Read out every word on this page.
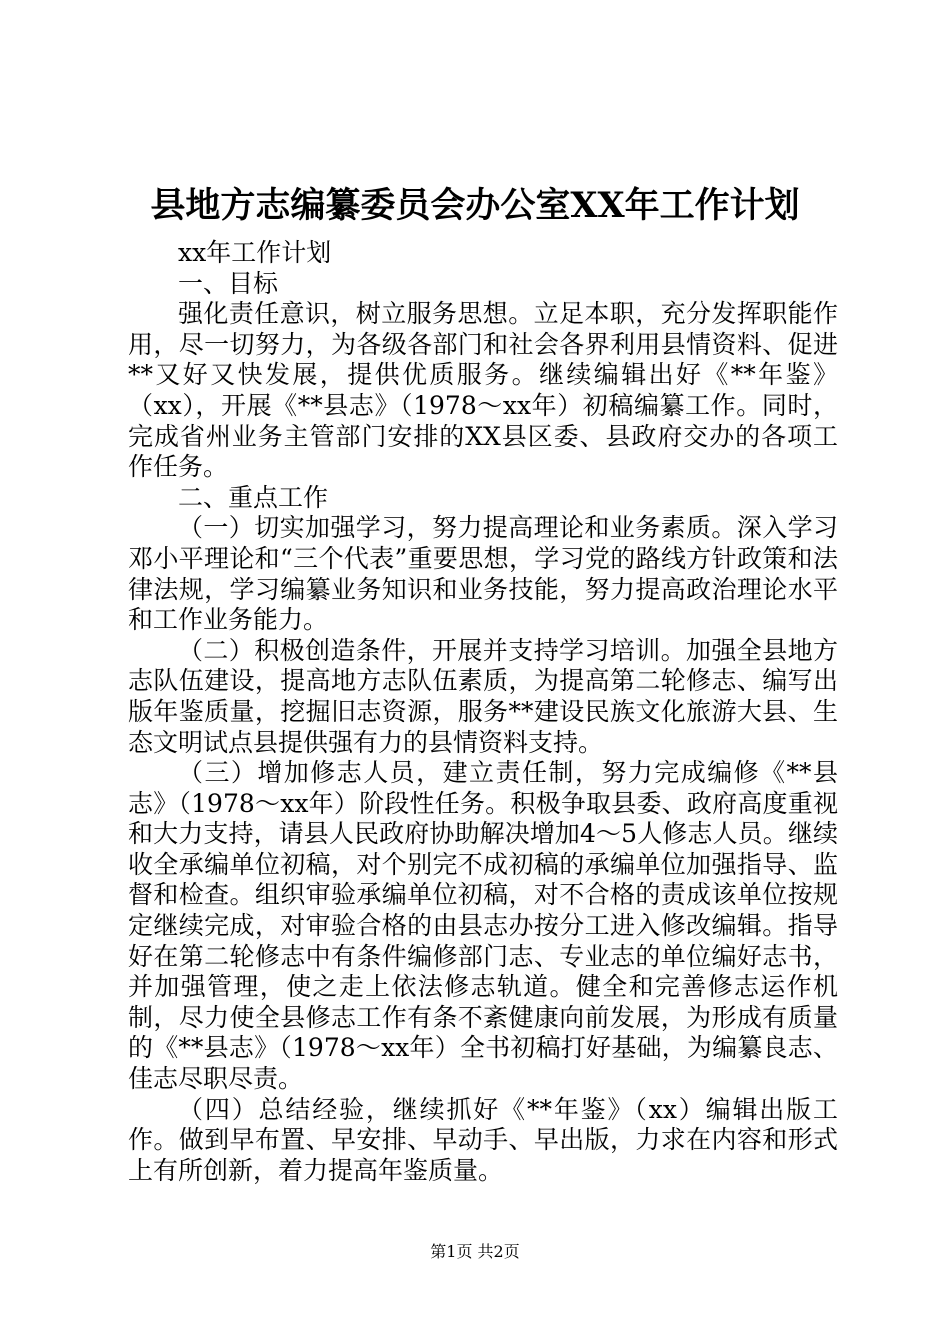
县地方志编纂委员会办公室XX年工作计划

xx年工作计划

一、目标

强化责任意识，树立服务思想。立足本职，充分发挥职能作用，尽一切努力，为各级各部门和社会各界利用县情资料、促进**又好又快发展，提供优质服务。继续编辑出好《**年鉴》（xx），开展《**县志》（1978～xx年）初稿编纂工作。同时，完成省州业务主管部门安排的XX县区委、县政府交办的各项工作任务。

二、重点工作

（一）切实加强学习，努力提高理论和业务素质。深入学习邓小平理论和“三个代表”重要思想，学习党的路线方针政策和法律法规，学习编纂业务知识和业务技能，努力提高政治理论水平和工作业务能力。

（二）积极创造条件，开展并支持学习培训。加强全县地方志队伍建设，提高地方志队伍素质，为提高第二轮修志、编写出版年鉴质量，挖掘旧志资源，服务**建设民族文化旅游大县、生态文明试点县提供强有力的县情资料支持。

（三）增加修志人员，建立责任制，努力完成编修《**县志》（1978～xx年）阶段性任务。积极争取县委、政府高度重视和大力支持，请县人民政府协助解决增加4～5人修志人员。继续收全承编单位初稿，对个别完不成初稿的承编单位加强指导、监督和检查。组织审验承编单位初稿，对不合格的责成该单位按规定继续完成，对审验合格的由县志办按分工进入修改编辑。指导好在第二轮修志中有条件编修部门志、专业志的单位编好志书，并加强管理，使之走上依法修志轨道。健全和完善修志运作机制，尽力使全县修志工作有条不紊健康向前发展，为形成有质量的《**县志》（1978～xx年）全书初稿打好基础，为编纂良志、佳志尽职尽责。

（四）总结经验，继续抓好《**年鉴》（xx）编辑出版工作。做到早布置、早安排、早动手、早出版，力求在内容和形式上有所创新，着力提高年鉴质量。

第1页 共2页
